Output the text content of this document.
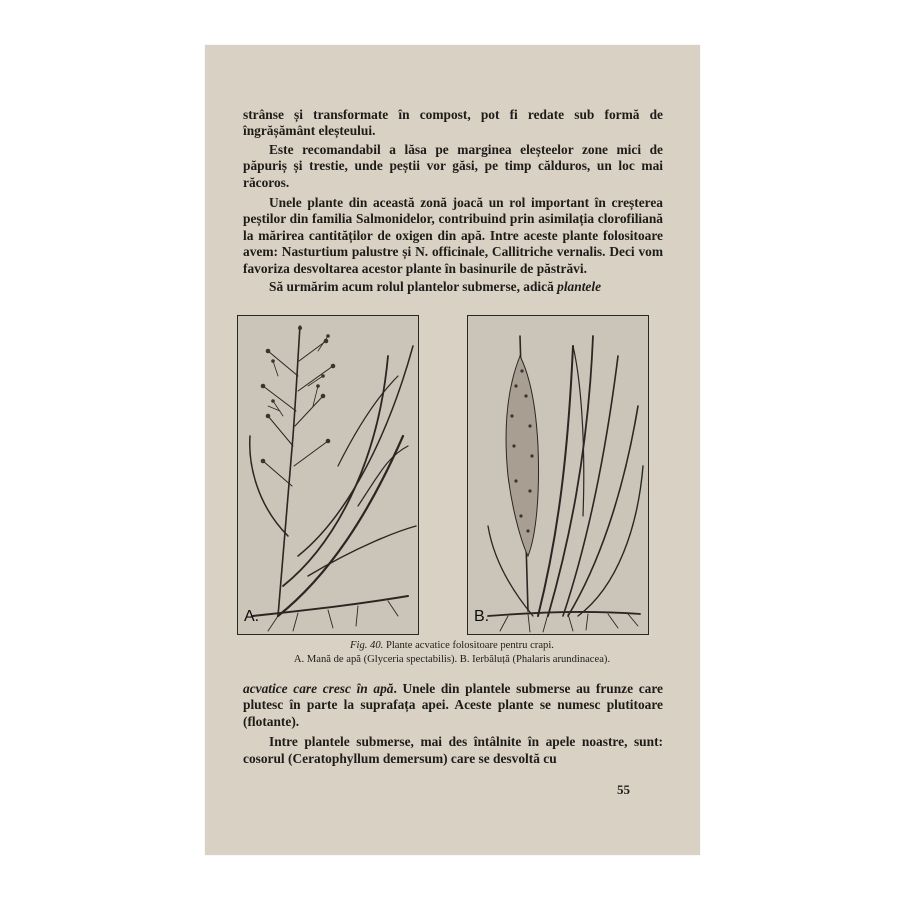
strânse și transformate în compost, pot fi redate sub formă de îngrășământ eleșteului.

Este recomandabil a lăsa pe marginea eleșteelor zone mici de păpuriș și trestie, unde peștii vor găsi, pe timp călduros, un loc mai răcoros.

Unele plante din această zonă joacă un rol important în creșterea peștilor din familia Salmonidelor, contribuind prin asimilația clorofiliană la mărirea cantităților de oxigen din apă. Intre aceste plante folositoare avem: Nasturtium palustre și N. officinale, Callitriche vernalis. Deci vom favoriza desvoltarea acestor plante în basinurile de păstrăvi.

Să urmărim acum rolul plantelor submerse, adică plantele

A.	B.
Fig. 40. Plante acvatice folositoare pentru crapi.
A. Mană de apă (Glyceria spectabilis). B. Ierbăluță (Phalaris arundinacea).

acvatice care cresc în apă. Unele din plantele submerse au frunze care plutesc în parte la suprafața apei. Aceste plante se numesc plutitoare (flotante).

Intre plantele submerse, mai des întâlnite în apele noastre, sunt: cosorul (Ceratophyllum demersum) care se desvoltă cu

55
